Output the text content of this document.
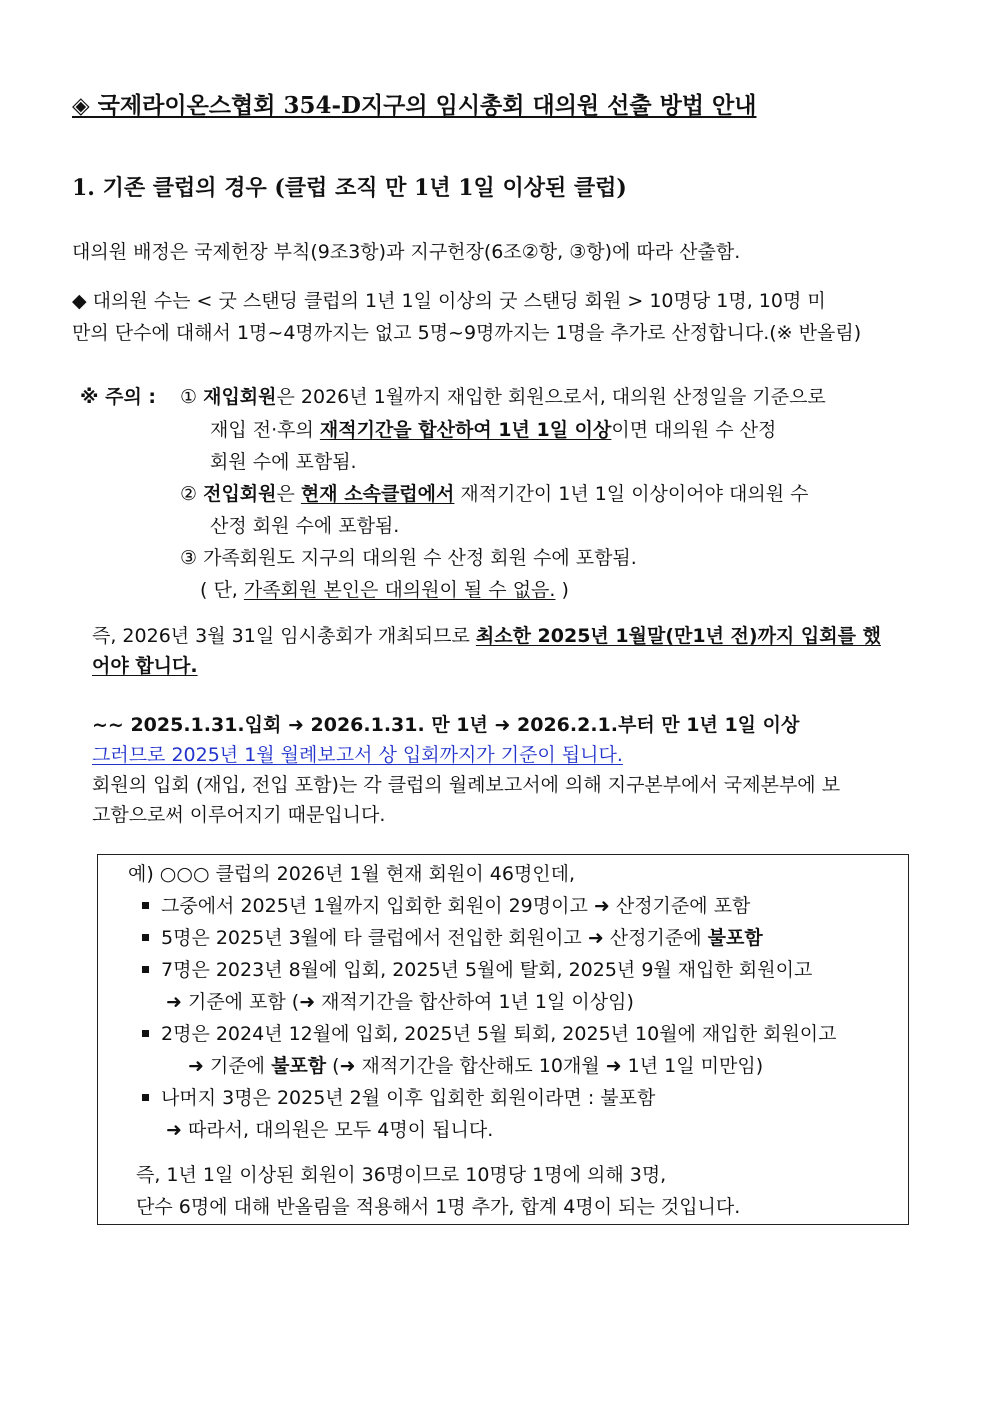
◈ 국제라이온스협회 354-D지구의 임시총회 대의원 선출 방법 안내
1. 기존 클럽의 경우 (클럽 조직 만 1년 1일 이상된 클럽)
대의원 배정은 국제헌장 부칙(9조3항)과 지구헌장(6조②항, ③항)에 따라 산출함.
◆ 대의원 수는 < 굿 스탠딩 클럽의 1년 1일 이상의 굿 스탠딩 회원 > 10명당 1명, 10명 미
만의 단수에 대해서 1명~4명까지는 없고 5명~9명까지는 1명을 추가로 산정합니다.(※ 반올림)
※ 주의 : ① 재입회원은 2026년 1월까지 재입한 회원으로서, 대의원 산정일을 기준으로
재입 전·후의 재적기간을 합산하여 1년 1일 이상이면 대의원 수 산정
회원 수에 포함됨.
② 전입회원은 현재 소속클럽에서 재적기간이 1년 1일 이상이어야 대의원 수
산정 회원 수에 포함됨.
③ 가족회원도 지구의 대의원 수 산정 회원 수에 포함됨.
( 단, 가족회원 본인은 대의원이 될 수 없음. )
즉, 2026년 3월 31일 임시총회가 개최되므로 최소한 2025년 1월말(만1년 전)까지 입회를 했
어야 합니다.
~~ 2025.1.31.입회 ➜ 2026.1.31. 만 1년 ➜ 2026.2.1.부터 만 1년 1일 이상
그러므로 2025년 1월 월례보고서 상 입회까지가 기준이 됩니다.
회원의 입회 (재입, 전입 포함)는 각 클럽의 월례보고서에 의해 지구본부에서 국제본부에 보
고함으로써 이루어지기 때문입니다.
예) ○○○ 클럽의 2026년 1월 현재 회원이 46명인데,
그중에서 2025년 1월까지 입회한 회원이 29명이고 ➜ 산정기준에 포함
5명은 2025년 3월에 타 클럽에서 전입한 회원이고 ➜ 산정기준에 불포함
7명은 2023년 8월에 입회, 2025년 5월에 탈회, 2025년 9월 재입한 회원이고
➜ 기준에 포함 (➜ 재적기간을 합산하여 1년 1일 이상임)
2명은 2024년 12월에 입회, 2025년 5월 퇴회, 2025년 10월에 재입한 회원이고
➜ 기준에 불포함 (➜ 재적기간을 합산해도 10개월 ➜ 1년 1일 미만임)
나머지 3명은 2025년 2월 이후 입회한 회원이라면 : 불포함
➜ 따라서, 대의원은 모두 4명이 됩니다.
즉, 1년 1일 이상된 회원이 36명이므로 10명당 1명에 의해 3명,
단수 6명에 대해 반올림을 적용해서 1명 추가, 합계 4명이 되는 것입니다.
